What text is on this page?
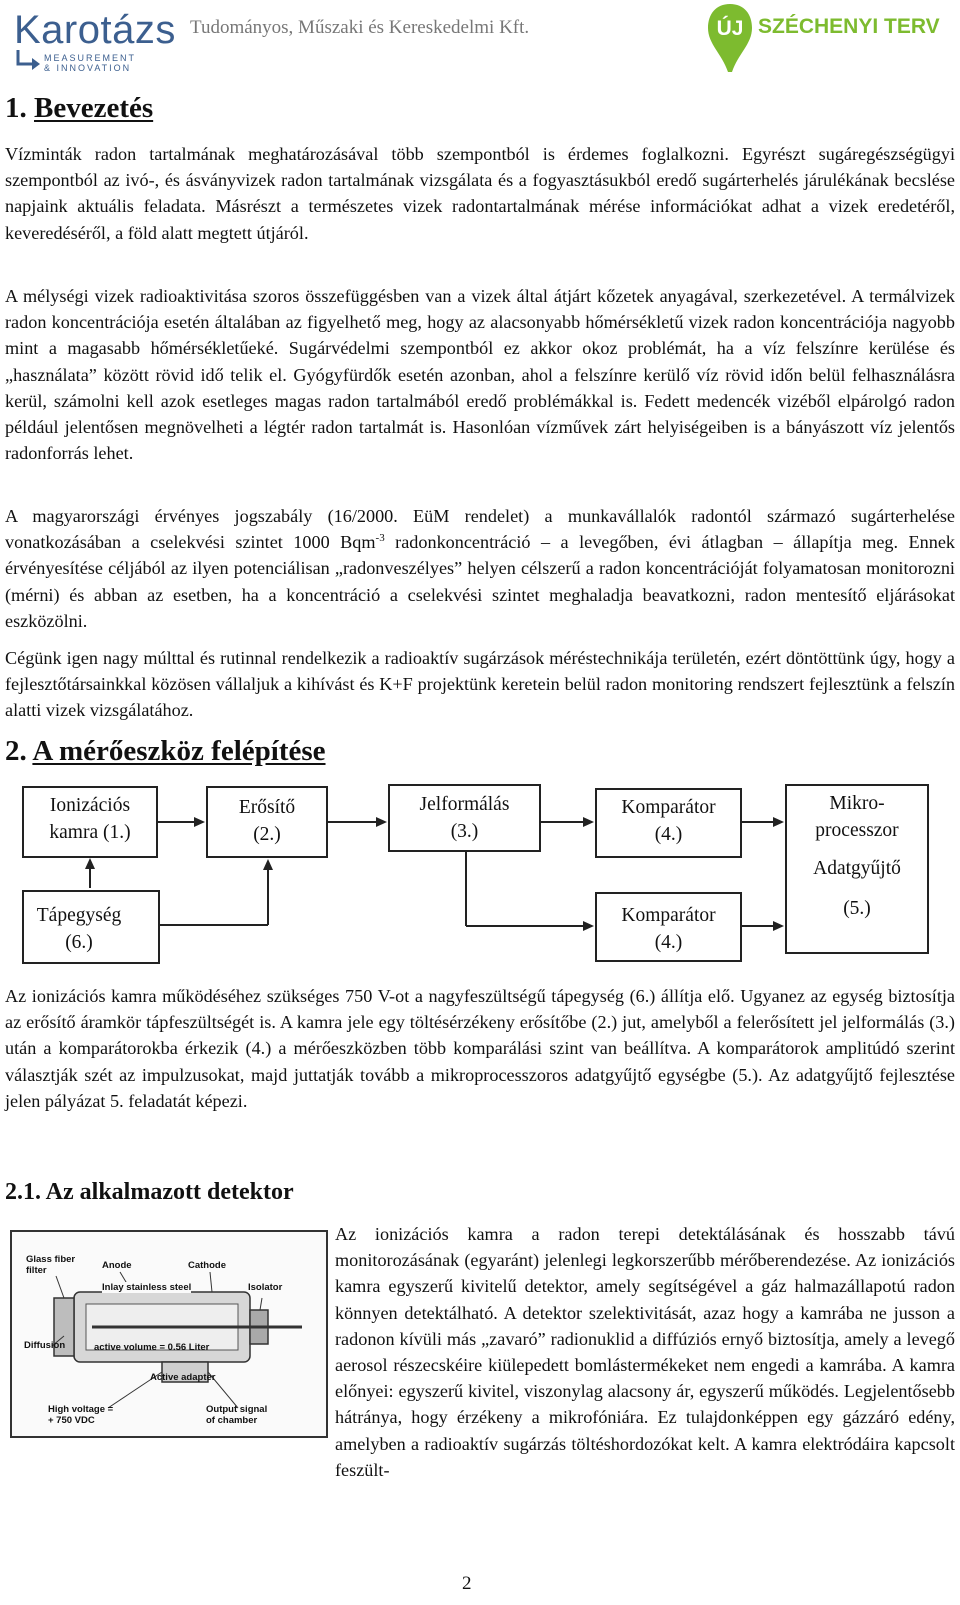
Karotázs
MEASUREMENT
& INNOVATION
Tudományos, Műszaki és Kereskedelmi Kft.	ÚJ SZÉCHENYI TERV
1. Bevezetés

Vízminták radon tartalmának meghatározásával több szempontból is érdemes foglalkozni. Egyrészt sugáregészségügyi szempontból az ivó-, és ásványvizek radon tartalmának vizsgálata és a fogyasztásukból eredő sugárterhelés járulékának becslése napjaink aktuális feladata. Másrészt a természetes vizek radontartalmának mérése információkat adhat a vizek eredetéről, keveredéséről, a föld alatt megtett útjáról.

A mélységi vizek radioaktivitása szoros összefüggésben van a vizek által átjárt kőzetek anyagával, szerkezetével. A termálvizek radon koncentrációja esetén általában az figyelhető meg, hogy az alacsonyabb hőmérsékletű vizek radon koncentrációja nagyobb mint a magasabb hőmérsékletűeké. Sugárvédelmi szempontból ez akkor okoz problémát, ha a víz felszínre kerülése és „használata” között rövid idő telik el. Gyógyfürdők esetén azonban, ahol a felszínre kerülő víz rövid időn belül felhasználásra kerül, számolni kell azok esetleges magas radon tartalmából eredő problémákkal is. Fedett medencék vizéből elpárolgó radon például jelentősen megnövelheti a légtér radon tartalmát is. Hasonlóan vízművek zárt helyiségeiben is a bányászott víz jelentős radonforrás lehet.

A magyarországi érvényes jogszabály (16/2000. EüM rendelet) a munkavállalók radontól származó sugárterhelése vonatkozásában a cselekvési szintet 1000 Bqm$^{-3}$ radonkoncentráció – a levegőben, évi átlagban – állapítja meg. Ennek érvényesítése céljából az ilyen potenciálisan „radonveszélyes” helyen célszerű a radon koncentrációját folyamatosan monitorozni (mérni) és abban az esetben, ha a koncentráció a cselekvési szintet meghaladja beavatkozni, radon mentesítő eljárásokat eszközölni.

Cégünk igen nagy múlttal és rutinnal rendelkezik a radioaktív sugárzások méréstechnikája területén, ezért döntöttünk úgy, hogy a fejlesztőtársainkkal közösen vállaljuk a kihívást és K+F projektünk keretein belül radon monitoring rendszert fejlesztünk a felszín alatti vizek vizsgálatához.

2. A mérőeszköz felépítése
Ionizációs
kamra (1.)
Erősítő
(2.)
Jelformálás
(3.)
Komparátor
(4.)
Mikro-
processzor
Adatgyűjtő
(5.)
Tápegység
(6.)
Komparátor
(4.)

Az ionizációs kamra működéséhez szükséges 750 V-ot a nagyfeszültségű tápegység (6.) állítja elő. Ugyanez az egység biztosítja az erősítő áramkör tápfeszültségét is. A kamra jele egy töltésérzékeny erősítőbe (2.) jut, amelyből a felerősített jel jelformálás (3.) után a komparátorokba érkezik (4.) a mérőeszközben több komparálási szint van beállítva. A komparátorok amplitúdó szerint választják szét az impulzusokat, majd juttatják tovább a mikroprocesszoros adatgyűjtő egységbe (5.). Az adatgyűjtő fejlesztése jelen pályázat 5. feladatát képezi.

2.1. Az alkalmazott detektor
Glass fiber
filter	Anode	Cathode
Inlay stainless steel	Isolator
Diffusion	active volume = 0.56 Liter
Active adapter
High voltage =
+ 750 VDC
Output signal
of chamber

Az ionizációs kamra a radon terepi detektálásának és hosszabb távú monitorozásának (egyaránt) jelenlegi legkorszerűbb mérőberendezése. Az ionizációs kamra egyszerű kivitelű detektor, amely segítségével a gáz halmazállapotú radon könnyen detektálható. A detektor szelektivitását, azaz hogy a kamrába ne jusson a radonon kívüli más „zavaró” radionuklid a diffúziós ernyő biztosítja, amely a levegő aerosol részecskéire kiülepedett bomlástermékeket nem engedi a kamrába. A kamra előnyei: egyszerű kivitel, viszonylag alacsony ár, egyszerű működés. Legjelentősebb hátránya, hogy érzékeny a mikrofóniára. Ez tulajdonképpen egy gázzáró edény, amelyben a radioaktív sugárzás töltéshordozókat kelt. A kamra elektródáira kapcsolt feszült-

2
